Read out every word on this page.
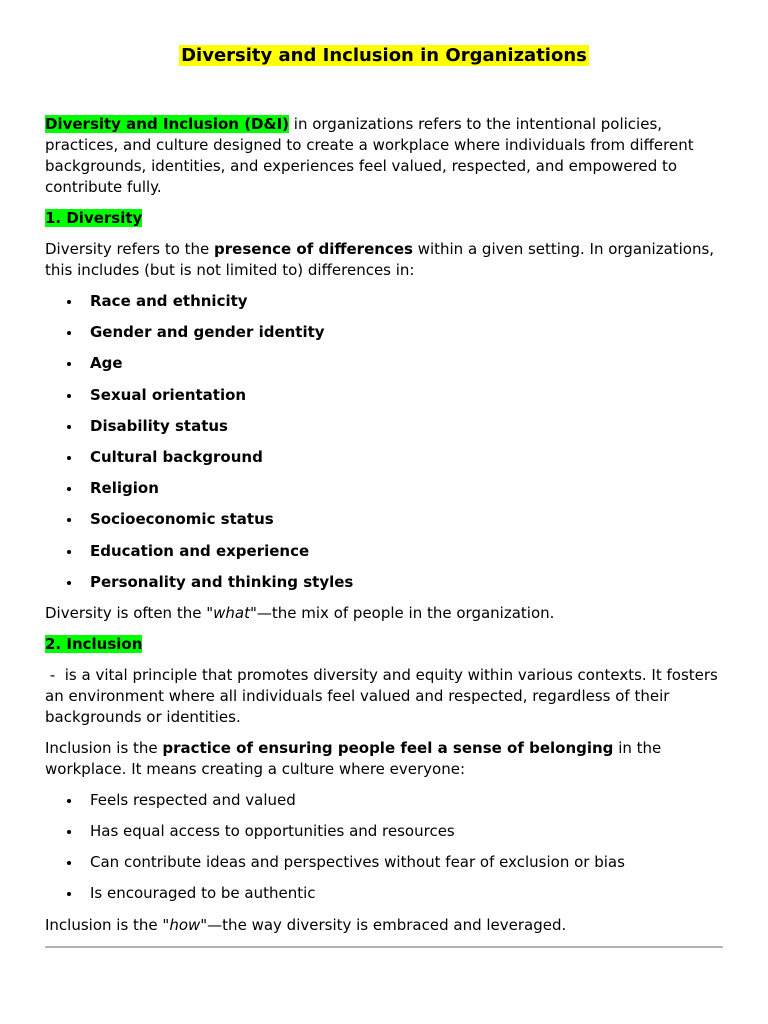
Diversity and Inclusion in Organizations

Diversity and Inclusion (D&I) in organizations refers to the intentional policies, practices, and culture designed to create a workplace where individuals from different backgrounds, identities, and experiences feel valued, respected, and empowered to contribute fully.

1. Diversity

Diversity refers to the presence of differences within a given setting. In organizations, this includes (but is not limited to) differences in:

Race and ethnicity
Gender and gender identity
Age
Sexual orientation
Disability status
Cultural background
Religion
Socioeconomic status
Education and experience
Personality and thinking styles

Diversity is often the "what"—the mix of people in the organization.

2. Inclusion

-  is a vital principle that promotes diversity and equity within various contexts. It fosters an environment where all individuals feel valued and respected, regardless of their backgrounds or identities.

Inclusion is the practice of ensuring people feel a sense of belonging in the workplace. It means creating a culture where everyone:

Feels respected and valued
Has equal access to opportunities and resources
Can contribute ideas and perspectives without fear of exclusion or bias
Is encouraged to be authentic

Inclusion is the "how"—the way diversity is embraced and leveraged.
